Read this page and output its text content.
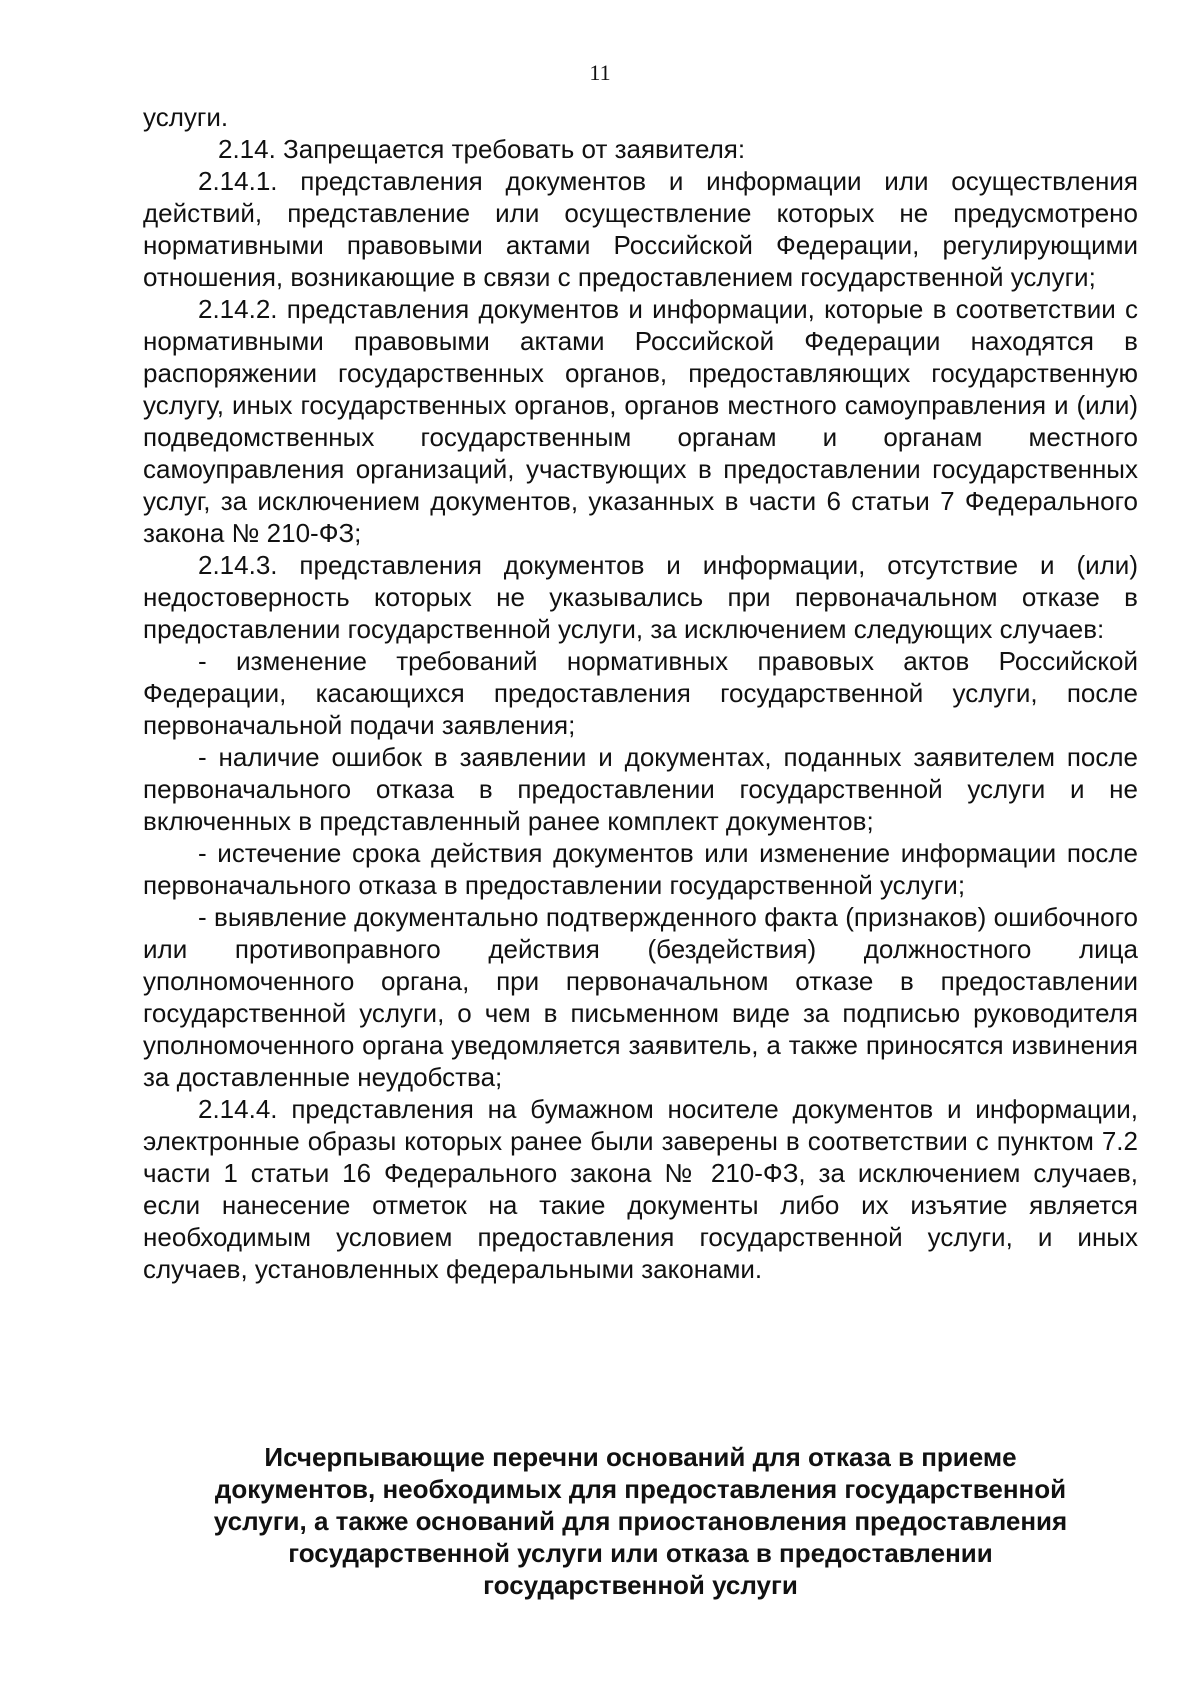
11

услуги.

2.14. Запрещается требовать от заявителя:

2.14.1. представления документов и информации или осуществления действий, представление или осуществление которых не предусмотрено нормативными правовыми актами Российской Федерации, регулирующими отношения, возникающие в связи с предоставлением государственной услуги;

2.14.2. представления документов и информации, которые в соответствии с нормативными правовыми актами Российской Федерации находятся в распоряжении государственных органов, предоставляющих государственную услугу, иных государственных органов, органов местного самоуправления и (или) подведомственных государственным органам и органам местного самоуправления организаций, участвующих в предоставлении государственных услуг, за исключением документов, указанных в части 6 статьи 7 Федерального закона № 210-ФЗ;

2.14.3. представления документов и информации, отсутствие и (или) недостоверность которых не указывались при первоначальном отказе в предоставлении государственной услуги, за исключением следующих случаев:

- изменение требований нормативных правовых актов Российской Федерации, касающихся предоставления государственной услуги, после первоначальной подачи заявления;

- наличие ошибок в заявлении и документах, поданных заявителем после первоначального отказа в предоставлении государственной услуги и не включенных в представленный ранее комплект документов;

- истечение срока действия документов или изменение информации после первоначального отказа в предоставлении государственной услуги;

- выявление документально подтвержденного факта (признаков) ошибочного или противоправного действия (бездействия) должностного лица уполномоченного органа, при первоначальном отказе в предоставлении государственной услуги, о чем в письменном виде за подписью руководителя уполномоченного органа уведомляется заявитель, а также приносятся извинения за доставленные неудобства;

2.14.4. представления на бумажном носителе документов и информации, электронные образы которых ранее были заверены в соответствии с пунктом 7.2 части 1 статьи 16 Федерального закона № 210-ФЗ, за исключением случаев, если нанесение отметок на такие документы либо их изъятие является необходимым условием предоставления государственной услуги, и иных случаев, установленных федеральными законами.

Исчерпывающие перечни оснований для отказа в приеме
документов, необходимых для предоставления государственной
услуги, а также оснований для приостановления предоставления
государственной услуги или отказа в предоставлении
государственной услуги
